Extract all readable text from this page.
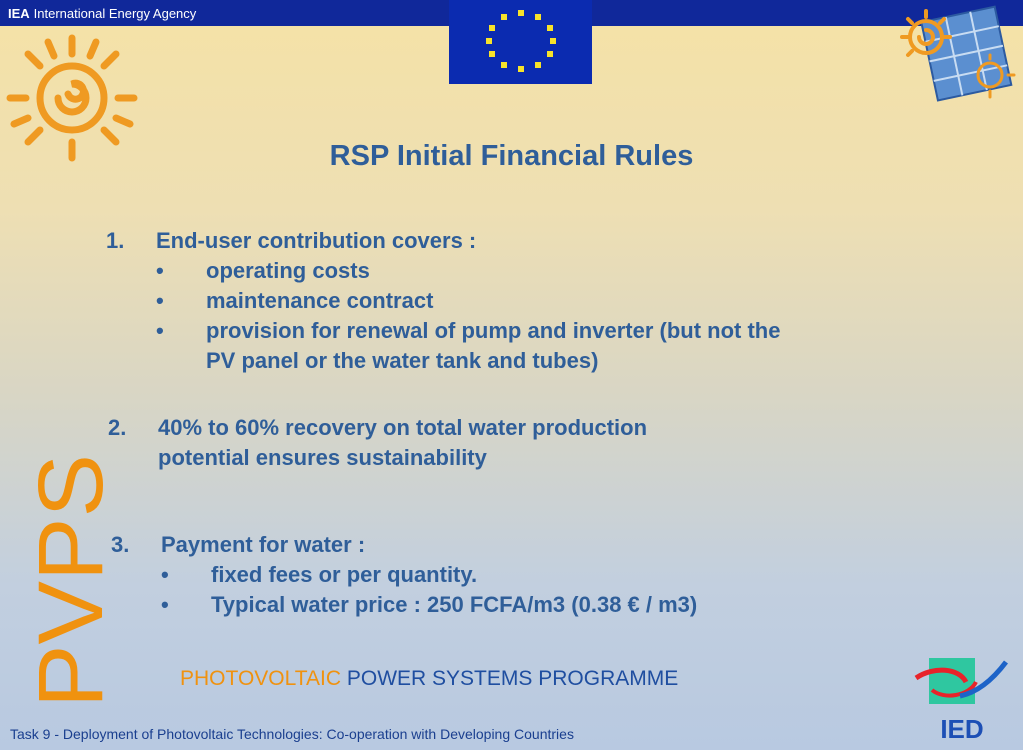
IEA International Energy Agency
RSP Initial Financial Rules
1. End-user contribution covers :
• operating costs
• maintenance contract
• provision for renewal of pump and inverter (but not the
PV panel or the water tank and tubes)
2. 40% to 60% recovery on total water production
potential ensures sustainability
3. Payment for water :
• fixed fees or per quantity.
• Typical water price : 250 FCFA/m3 (0.38 € / m3)
PVPS	PHOTOVOLTAIC POWER SYSTEMS PROGRAMME
Task 9 - Deployment of Photovoltaic Technologies: Co-operation with Developing Countries	IED
